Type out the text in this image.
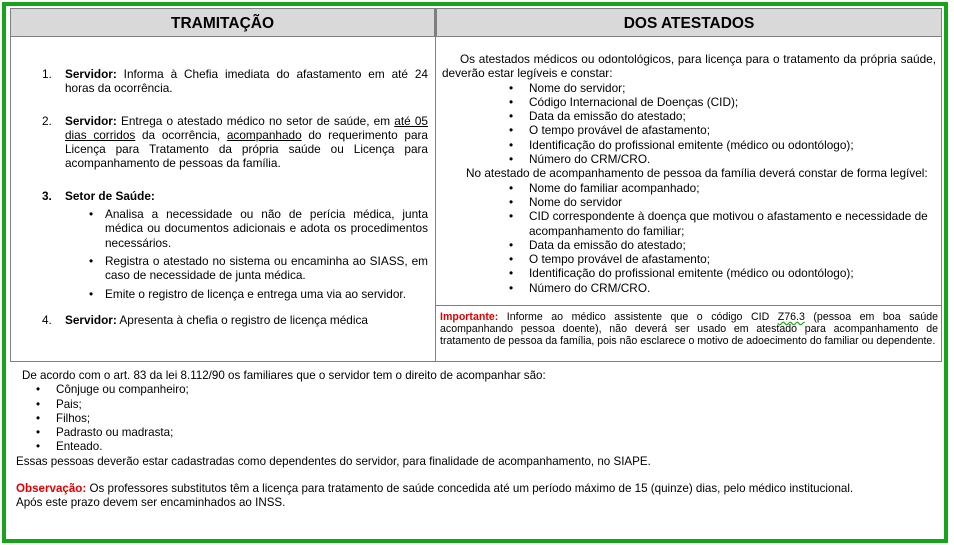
TRAMITAÇÃO	DOS ATESTADOS
1. Servidor: Informa à Chefia imediata do afastamento em até 24 horas da ocorrência.
2. Servidor: Entrega o atestado médico no setor de saúde, em até 05 dias corridos da ocorrência, acompanhado do requerimento para Licença para Tratamento da própria saúde ou Licença para acompanhamento de pessoas da família.
3. Setor de Saúde:
• Analisa a necessidade ou não de perícia médica, junta médica ou documentos adicionais e adota os procedimentos necessários.
• Registra o atestado no sistema ou encaminha ao SIASS, em caso de necessidade de junta médica.
• Emite o registro de licença e entrega uma via ao servidor.
4. Servidor: Apresenta à chefia o registro de licença médica
Os atestados médicos ou odontológicos, para licença para o tratamento da própria saúde, deverão estar legíveis e constar:
• Nome do servidor;
• Código Internacional de Doenças (CID);
• Data da emissão do atestado;
• O tempo provável de afastamento;
• Identificação do profissional emitente (médico ou odontólogo);
• Número do CRM/CRO.
No atestado de acompanhamento de pessoa da família deverá constar de forma legível:
• Nome do familiar acompanhado;
• Nome do servidor
• CID correspondente à doença que motivou o afastamento e necessidade de acompanhamento do familiar;
• Data da emissão do atestado;
• O tempo provável de afastamento;
• Identificação do profissional emitente (médico ou odontólogo);
• Número do CRM/CRO.
Importante: Informe ao médico assistente que o código CID Z76.3 (pessoa em boa saúde acompanhando pessoa doente), não deverá ser usado em atestado para acompanhamento de tratamento de pessoa da família, pois não esclarece o motivo de adoecimento do familiar ou dependente.
De acordo com o art. 83 da lei 8.112/90 os familiares que o servidor tem o direito de acompanhar são:
• Cônjuge ou companheiro;
• Pais;
• Filhos;
• Padrasto ou madrasta;
• Enteado.
Essas pessoas deverão estar cadastradas como dependentes do servidor, para finalidade de acompanhamento, no SIAPE.
Observação: Os professores substitutos têm a licença para tratamento de saúde concedida até um período máximo de 15 (quinze) dias, pelo médico institucional.
Após este prazo devem ser encaminhados ao INSS.
